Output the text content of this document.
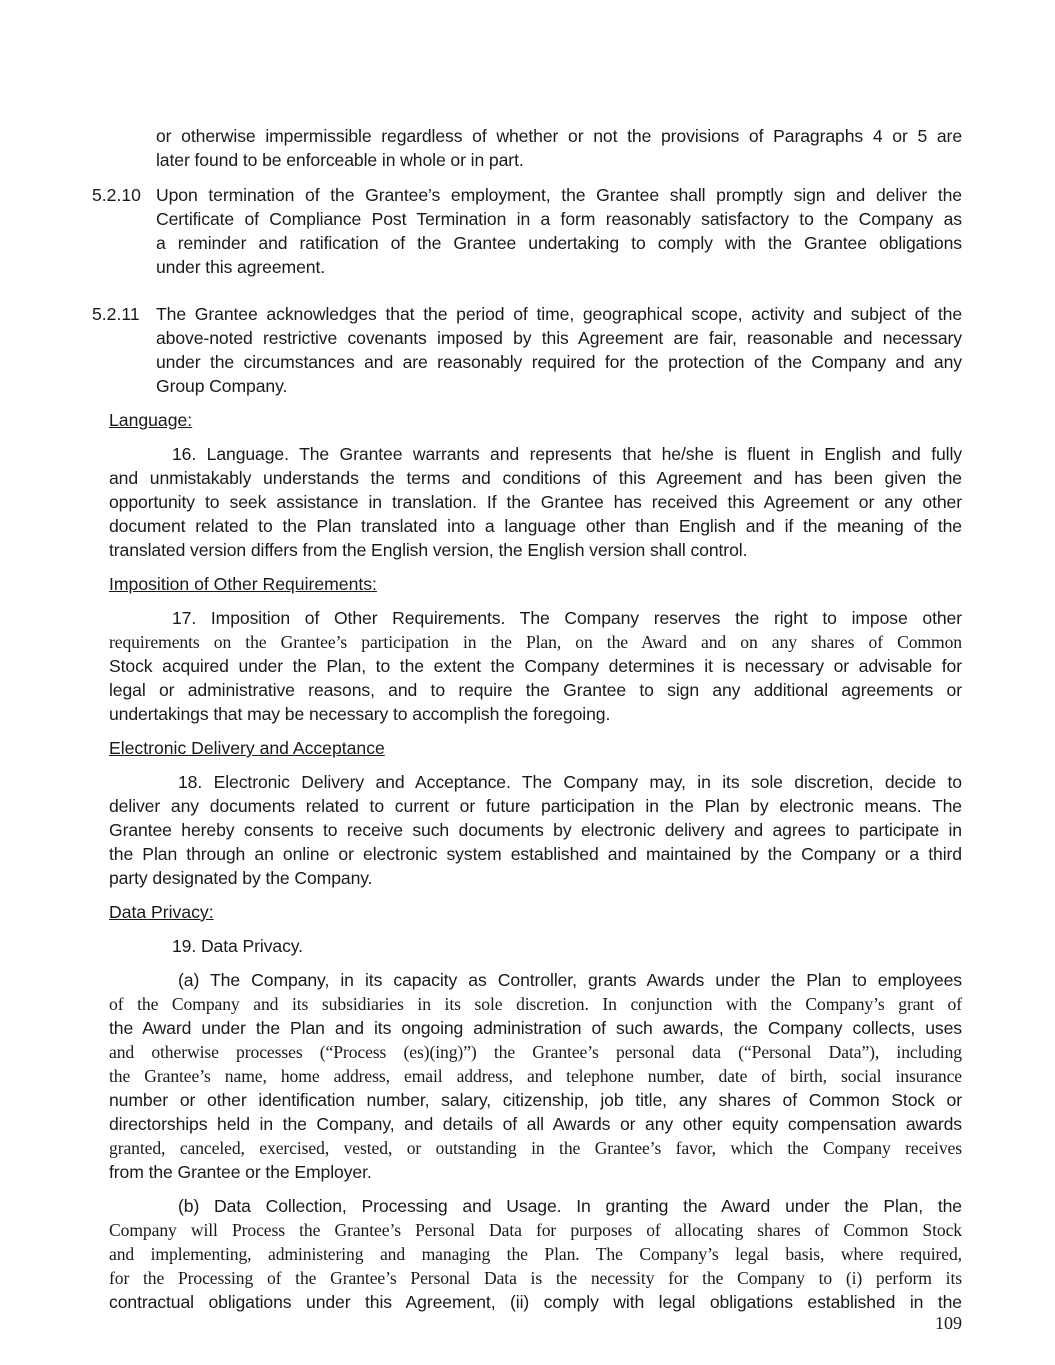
or otherwise impermissible regardless of whether or not the provisions of Paragraphs 4 or 5 are
later found to be enforceable in whole or in part.
5.2.10 Upon termination of the Grantee’s employment, the Grantee shall promptly sign and deliver the
Certificate of Compliance Post Termination in a form reasonably satisfactory to the Company as
a reminder and ratification of the Grantee undertaking to comply with the Grantee obligations
under this agreement.
5.2.11 The Grantee acknowledges that the period of time, geographical scope, activity and subject of the
above-noted restrictive covenants imposed by this Agreement are fair, reasonable and necessary
under the circumstances and are reasonably required for the protection of the Company and any
Group Company.
Language:
16. Language. The Grantee warrants and represents that he/she is fluent in English and fully
and unmistakably understands the terms and conditions of this Agreement and has been given the
opportunity to seek assistance in translation. If the Grantee has received this Agreement or any other
document related to the Plan translated into a language other than English and if the meaning of the
translated version differs from the English version, the English version shall control.
Imposition of Other Requirements:
17. Imposition of Other Requirements. The Company reserves the right to impose other
requirements on the Grantee’s participation in the Plan, on the Award and on any shares of Common
Stock acquired under the Plan, to the extent the Company determines it is necessary or advisable for
legal or administrative reasons, and to require the Grantee to sign any additional agreements or
undertakings that may be necessary to accomplish the foregoing.
Electronic Delivery and Acceptance
18. Electronic Delivery and Acceptance. The Company may, in its sole discretion, decide to
deliver any documents related to current or future participation in the Plan by electronic means. The
Grantee hereby consents to receive such documents by electronic delivery and agrees to participate in
the Plan through an online or electronic system established and maintained by the Company or a third
party designated by the Company.
Data Privacy:
19. Data Privacy.
(a) The Company, in its capacity as Controller, grants Awards under the Plan to employees
of the Company and its subsidiaries in its sole discretion. In conjunction with the Company’s grant of
the Award under the Plan and its ongoing administration of such awards, the Company collects, uses
and otherwise processes (“Process (es)(ing)”) the Grantee’s personal data (“Personal Data”), including
the Grantee’s name, home address, email address, and telephone number, date of birth, social insurance
number or other identification number, salary, citizenship, job title, any shares of Common Stock or
directorships held in the Company, and details of all Awards or any other equity compensation awards
granted, canceled, exercised, vested, or outstanding in the Grantee’s favor, which the Company receives
from the Grantee or the Employer.
(b) Data Collection, Processing and Usage. In granting the Award under the Plan, the
Company will Process the Grantee’s Personal Data for purposes of allocating shares of Common Stock
and implementing, administering and managing the Plan. The Company’s legal basis, where required,
for the Processing of the Grantee’s Personal Data is the necessity for the Company to (i) perform its
contractual obligations under this Agreement, (ii) comply with legal obligations established in the
109
